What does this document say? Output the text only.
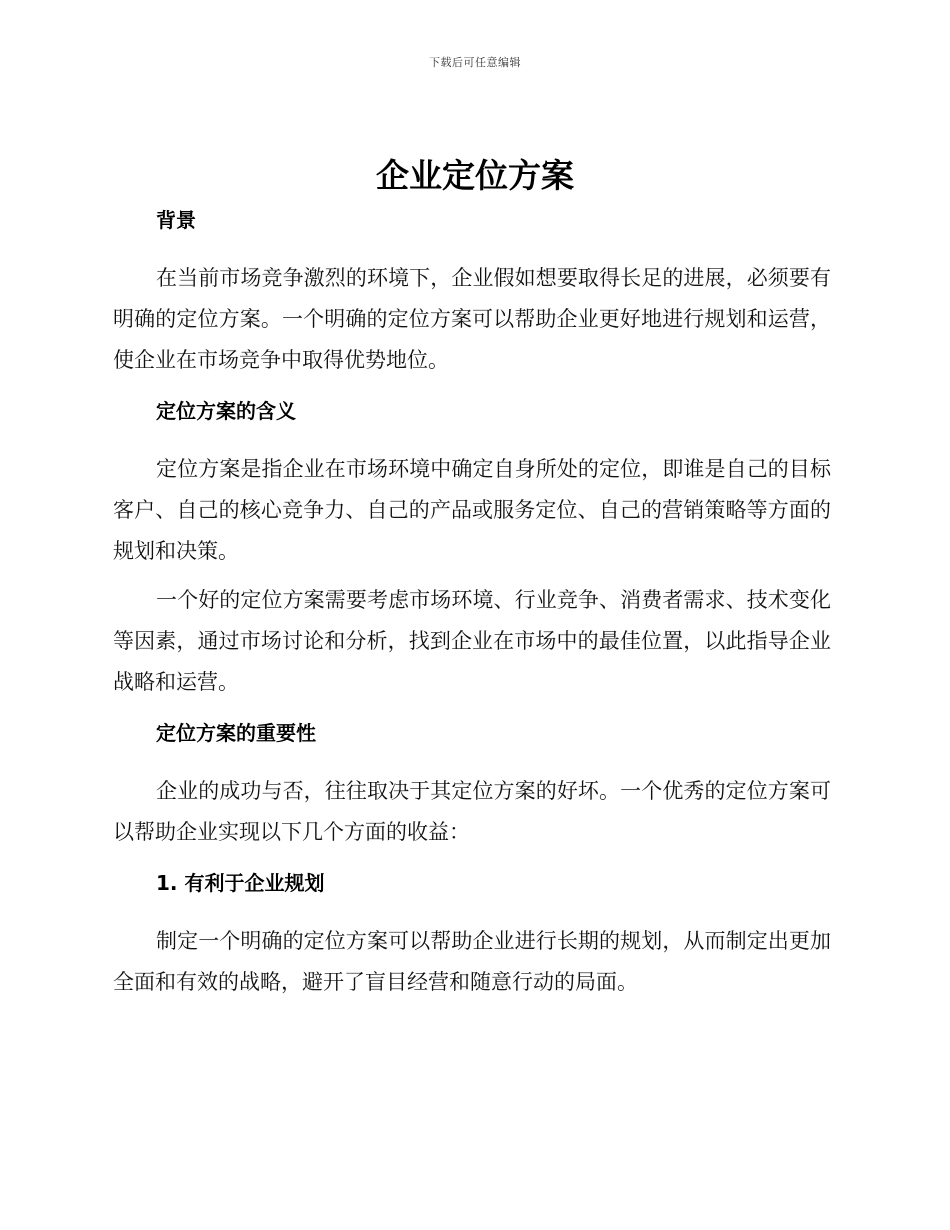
下载后可任意编辑
企业定位方案
背景

在当前市场竞争激烈的环境下，企业假如想要取得长足的进展，必须要有明确的定位方案。一个明确的定位方案可以帮助企业更好地进行规划和运营，使企业在市场竞争中取得优势地位。

定位方案的含义

定位方案是指企业在市场环境中确定自身所处的定位，即谁是自己的目标客户、自己的核心竞争力、自己的产品或服务定位、自己的营销策略等方面的规划和决策。

一个好的定位方案需要考虑市场环境、行业竞争、消费者需求、技术变化等因素，通过市场讨论和分析，找到企业在市场中的最佳位置，以此指导企业战略和运营。

定位方案的重要性

企业的成功与否，往往取决于其定位方案的好坏。一个优秀的定位方案可以帮助企业实现以下几个方面的收益：

1. 有利于企业规划

制定一个明确的定位方案可以帮助企业进行长期的规划，从而制定出更加全面和有效的战略，避开了盲目经营和随意行动的局面。
